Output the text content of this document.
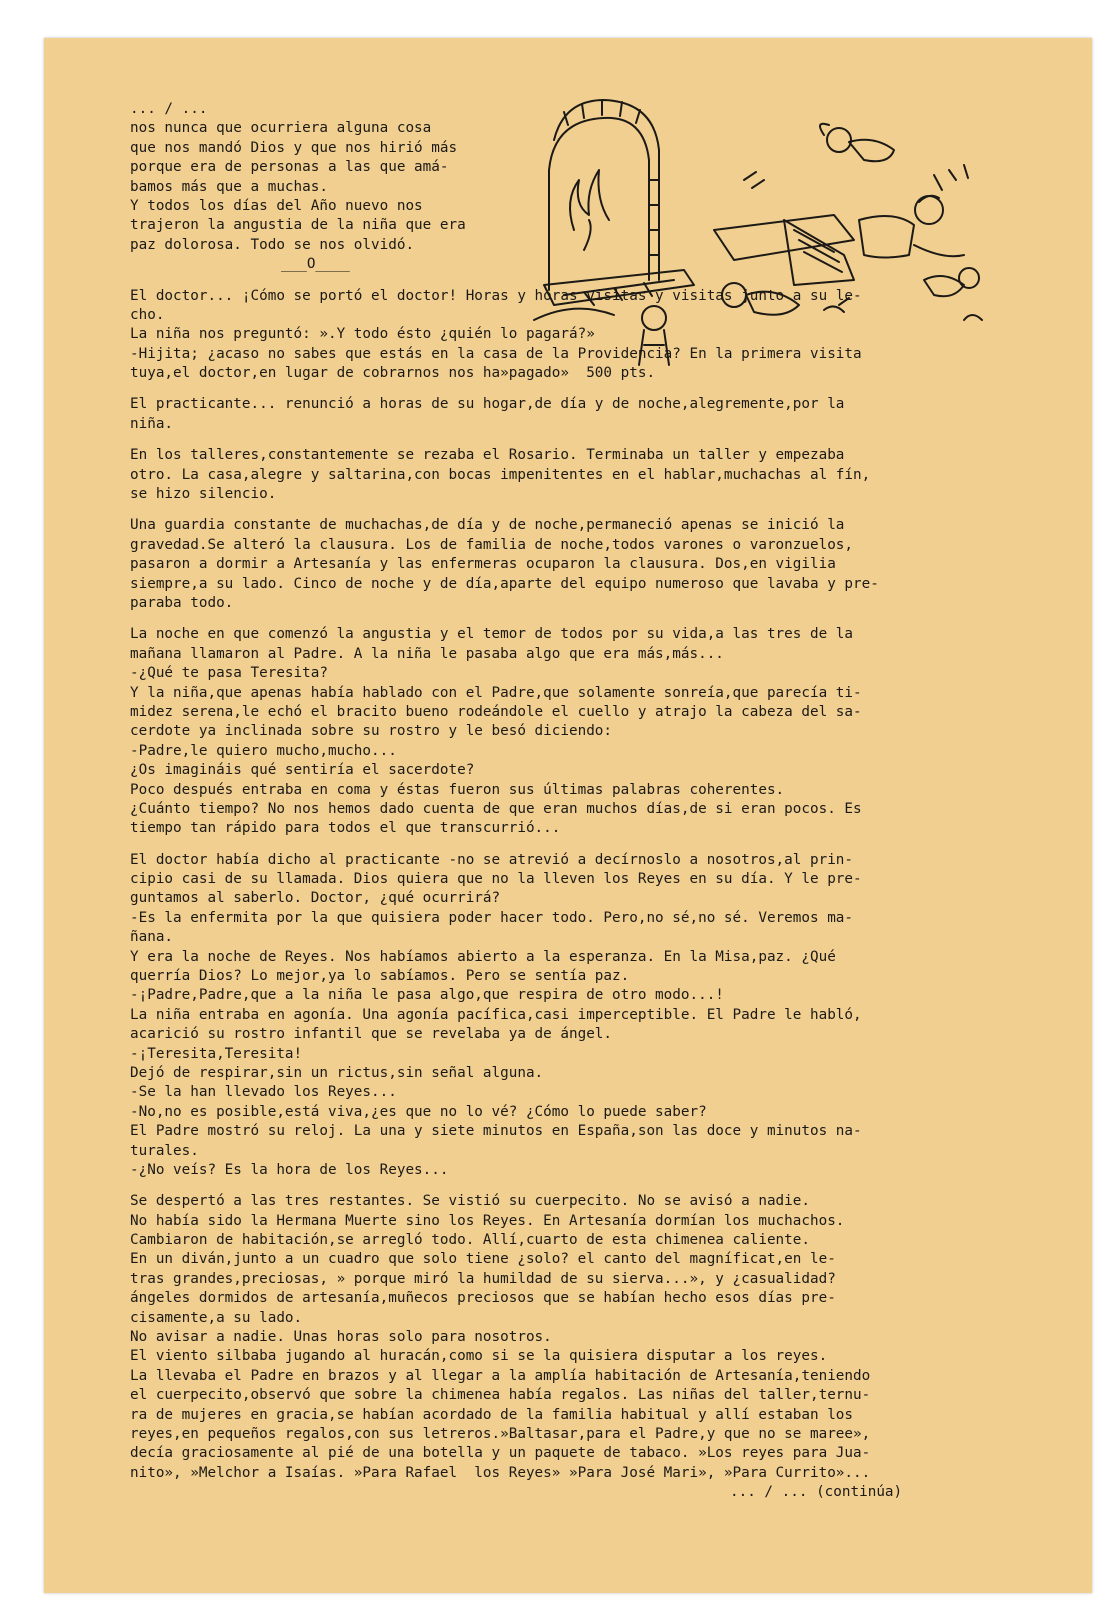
... / ...
nos nunca que ocurriera alguna cosa
que nos mandó Dios y que nos hirió más
porque era de personas a las que amá-
bamos más que a muchas.
Y todos los días del Año nuevo nos
trajeron la angustia de la niña que era
paz dolorosa. Todo se nos olvidó.
___O____
El doctor... ¡Cómo se portó el doctor! Horas y horas visitas y visitas junto a su le-
cho.
La niña nos preguntó: ».Y todo ésto ¿quién lo pagará?»
-Hijita; ¿acaso no sabes que estás en la casa de la Providencia? En la primera visita
tuya,el doctor,en lugar de cobrarnos nos ha»pagado»  500 pts.
El practicante... renunció a horas de su hogar,de día y de noche,alegremente,por la
niña.
En los talleres,constantemente se rezaba el Rosario. Terminaba un taller y empezaba
otro. La casa,alegre y saltarina,con bocas impenitentes en el hablar,muchachas al fín,
se hizo silencio.
Una guardia constante de muchachas,de día y de noche,permaneció apenas se inició la
gravedad.Se alteró la clausura. Los de familia de noche,todos varones o varonzuelos,
pasaron a dormir a Artesanía y las enfermeras ocuparon la clausura. Dos,en vigilia
siempre,a su lado. Cinco de noche y de día,aparte del equipo numeroso que lavaba y pre-
paraba todo.
La noche en que comenzó la angustia y el temor de todos por su vida,a las tres de la
mañana llamaron al Padre. A la niña le pasaba algo que era más,más...
-¿Qué te pasa Teresita?
Y la niña,que apenas había hablado con el Padre,que solamente sonreía,que parecía ti-
midez serena,le echó el bracito bueno rodeándole el cuello y atrajo la cabeza del sa-
cerdote ya inclinada sobre su rostro y le besó diciendo:
-Padre,le quiero mucho,mucho...
¿Os imagináis qué sentiría el sacerdote?
Poco después entraba en coma y éstas fueron sus últimas palabras coherentes.
¿Cuánto tiempo? No nos hemos dado cuenta de que eran muchos días,de si eran pocos. Es
tiempo tan rápido para todos el que transcurrió...
El doctor había dicho al practicante -no se atrevió a decírnoslo a nosotros,al prin-
cipio casi de su llamada. Dios quiera que no la lleven los Reyes en su día. Y le pre-
guntamos al saberlo. Doctor, ¿qué ocurrirá?
-Es la enfermita por la que quisiera poder hacer todo. Pero,no sé,no sé. Veremos ma-
ñana.
Y era la noche de Reyes. Nos habíamos abierto a la esperanza. En la Misa,paz. ¿Qué
querría Dios? Lo mejor,ya lo sabíamos. Pero se sentía paz.
-¡Padre,Padre,que a la niña le pasa algo,que respira de otro modo...!
La niña entraba en agonía. Una agonía pacífica,casi imperceptible. El Padre le habló,
acarició su rostro infantil que se revelaba ya de ángel.
-¡Teresita,Teresita!
Dejó de respirar,sin un rictus,sin señal alguna.
-Se la han llevado los Reyes...
-No,no es posible,está viva,¿es que no lo vé? ¿Cómo lo puede saber?
El Padre mostró su reloj. La una y siete minutos en España,son las doce y minutos na-
turales.
-¿No veís? Es la hora de los Reyes...
Se despertó a las tres restantes. Se vistió su cuerpecito. No se avisó a nadie.
No había sido la Hermana Muerte sino los Reyes. En Artesanía dormían los muchachos.
Cambiaron de habitación,se arregló todo. Allí,cuarto de esta chimenea caliente.
En un diván,junto a un cuadro que solo tiene ¿solo? el canto del magníficat,en le-
tras grandes,preciosas, » porque miró la humildad de su sierva...», y ¿casualidad?
ángeles dormidos de artesanía,muñecos preciosos que se habían hecho esos días pre-
cisamente,a su lado.
No avisar a nadie. Unas horas solo para nosotros.
El viento silbaba jugando al huracán,como si se la quisiera disputar a los reyes.
La llevaba el Padre en brazos y al llegar a la amplía habitación de Artesanía,teniendo
el cuerpecito,observó que sobre la chimenea había regalos. Las niñas del taller,ternu-
ra de mujeres en gracia,se habían acordado de la familia habitual y allí estaban los
reyes,en pequeños regalos,con sus letreros.»Baltasar,para el Padre,y que no se maree»,
decía graciosamente al pié de una botella y un paquete de tabaco. »Los reyes para Jua-
nito», »Melchor a Isaías. »Para Rafael  los Reyes» »Para José Mari», »Para Currito»...
... / ... (continúa)
